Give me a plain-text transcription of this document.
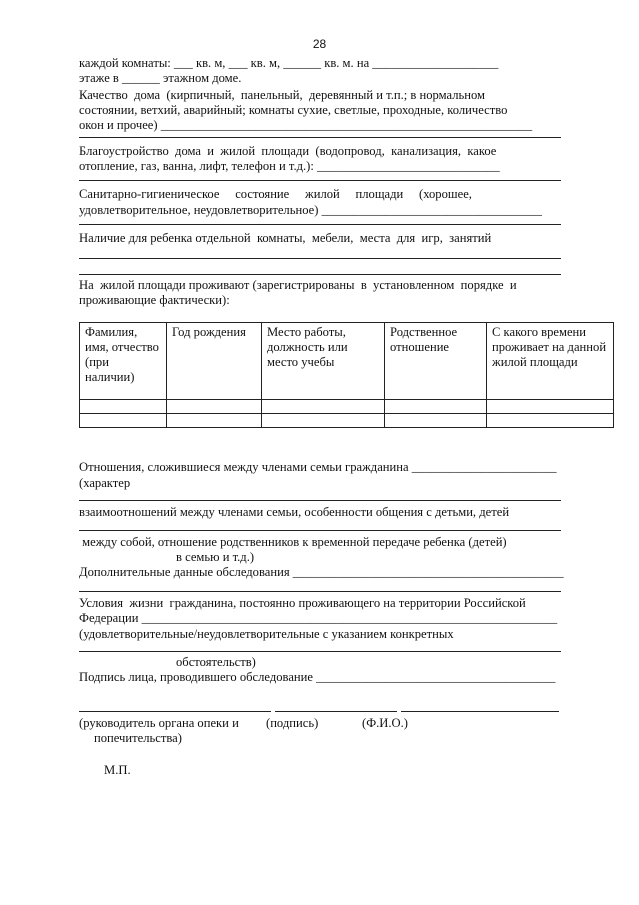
28
каждой комнаты: ___ кв. м, ___ кв. м, ______ кв. м. на ____________________
этаже в ______ этажном доме.
Качество  дома  (кирпичный,  панельный,  деревянный и т.п.; в нормальном
состоянии, ветхий, аварийный; комнаты сухие, светлые, проходные, количество
окон и прочее) ___________________________________________________________
Благоустройство  дома  и  жилой  площади  (водопровод,  канализация,  какое
отопление, газ, ванна, лифт, телефон и т.д.): _____________________________
Санитарно-гигиеническое     состояние     жилой     площади     (хорошее,
удовлетворительное, неудовлетворительное) ___________________________________
Наличие для ребенка отдельной  комнаты,  мебели,  места  для  игр,  занятий
На  жилой площади проживают (зарегистрированы  в  установленном  порядке  и
проживающие фактически):
Фамилия, имя, отчество (при наличии)	Год рождения	Место работы, должность или место учебы	Родственное отношение	С какого времени проживает на данной жилой площади

Отношения, сложившиеся между членами семьи гражданина _______________________
(характер
взаимоотношений между членами семьи, особенности общения с детьми, детей
между собой, отношение родственников к временной передаче ребенка (детей)
в семью и т.д.)
Дополнительные данные обследования ___________________________________________
Условия  жизни  гражданина, постоянно проживающего на территории Российской
Федерации __________________________________________________________________
(удовлетворительные/неудовлетворительные с указанием конкретных
обстоятельств)
Подпись лица, проводившего обследование ______________________________________
(руководитель органа опеки и (подпись)	(Ф.И.О.)
попечительства)
М.П.
